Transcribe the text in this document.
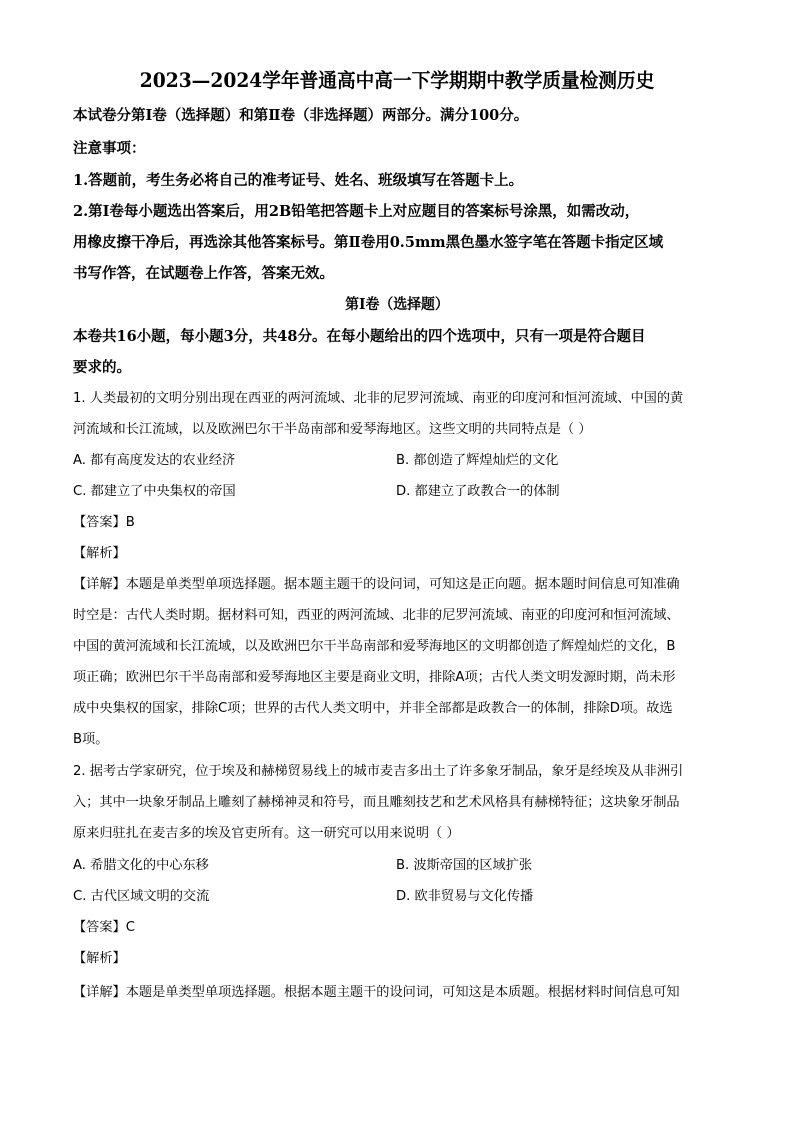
2023—2024学年普通高中高一下学期期中教学质量检测历史
本试卷分第Ⅰ卷（选择题）和第Ⅱ卷（非选择题）两部分。满分100分。
注意事项：
1.答题前，考生务必将自己的准考证号、姓名、班级填写在答题卡上。
2.第Ⅰ卷每小题选出答案后，用2B铅笔把答题卡上对应题目的答案标号涂黑，如需改动，
用橡皮擦干净后，再选涂其他答案标号。第Ⅱ卷用0.5mm黑色墨水签字笔在答题卡指定区域
书写作答，在试题卷上作答，答案无效。
第Ⅰ卷（选择题）
本卷共16小题，每小题3分，共48分。在每小题给出的四个选项中，只有一项是符合题目
要求的。
1. 人类最初的文明分别出现在西亚的两河流域、北非的尼罗河流域、南亚的印度河和恒河流域、中国的黄
河流域和长江流域，以及欧洲巴尔干半岛南部和爱琴海地区。这些文明的共同特点是（ ）
A. 都有高度发达的农业经济	B. 都创造了辉煌灿烂的文化
C. 都建立了中央集权的帝国	D. 都建立了政教合一的体制
【答案】B
【解析】
【详解】本题是单类型单项选择题。据本题主题干的设问词，可知这是正向题。据本题时间信息可知准确
时空是：古代人类时期。据材料可知，西亚的两河流域、北非的尼罗河流域、南亚的印度河和恒河流域、
中国的黄河流域和长江流域，以及欧洲巴尔干半岛南部和爱琴海地区的文明都创造了辉煌灿烂的文化，B
项正确；欧洲巴尔干半岛南部和爱琴海地区主要是商业文明，排除A项；古代人类文明发源时期，尚未形
成中央集权的国家，排除C项；世界的古代人类文明中，并非全部都是政教合一的体制，排除D项。故选
B项。
2. 据考古学家研究，位于埃及和赫梯贸易线上的城市麦吉多出土了许多象牙制品，象牙是经埃及从非洲引
入；其中一块象牙制品上雕刻了赫梯神灵和符号，而且雕刻技艺和艺术风格具有赫梯特征；这块象牙制品
原来归驻扎在麦吉多的埃及官吏所有。这一研究可以用来说明（ ）
A. 希腊文化的中心东移	B. 波斯帝国的区域扩张
C. 古代区域文明的交流	D. 欧非贸易与文化传播
【答案】C
【解析】
【详解】本题是单类型单项选择题。根据本题主题干的设问词，可知这是本质题。根据材料时间信息可知
